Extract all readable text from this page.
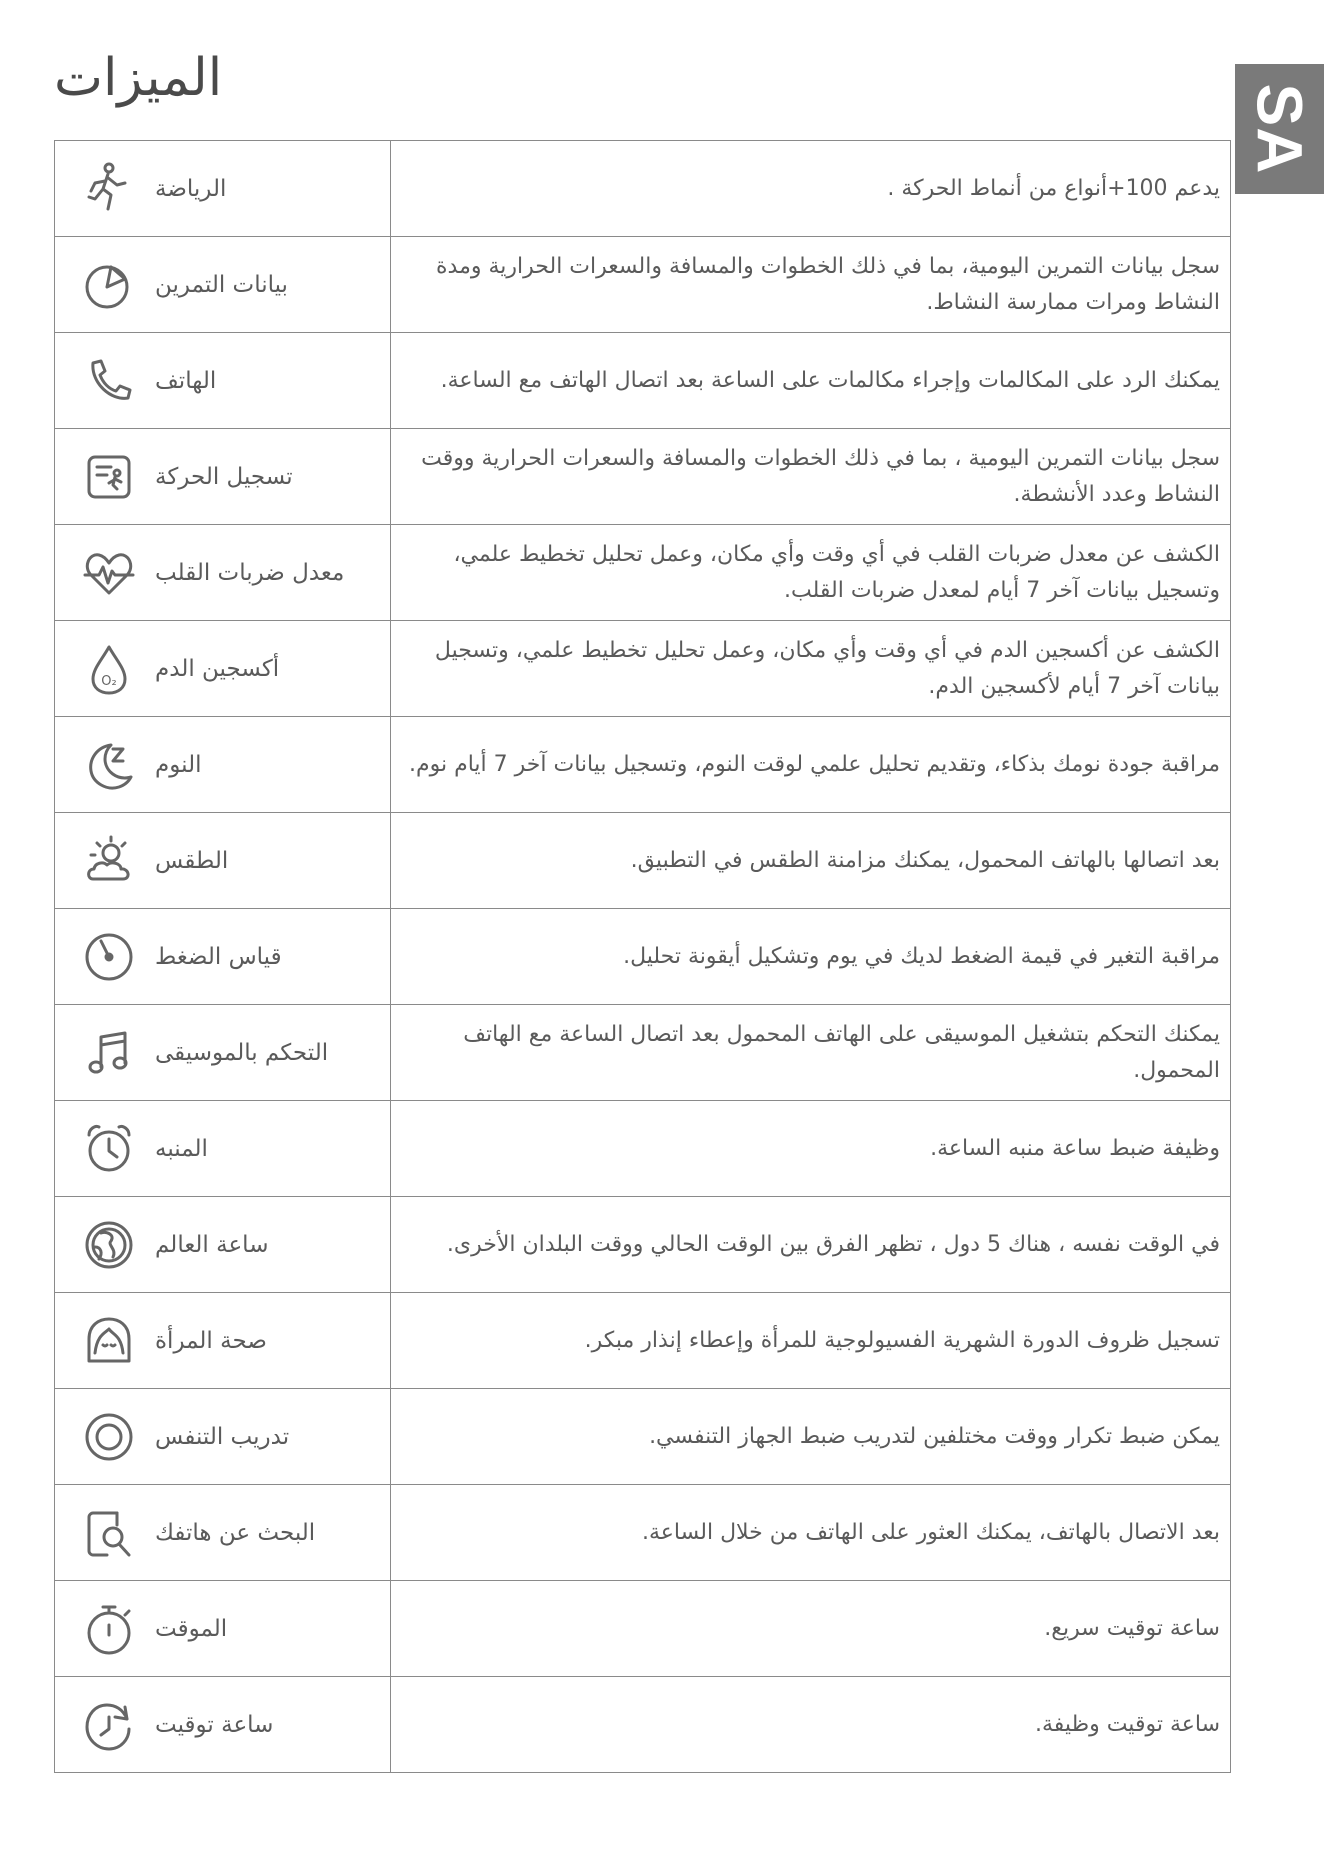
المیزات
SA
الرياضة	يدعم 100+أنواع من أنماط الحركة .

بيانات التمرين	سجل بيانات التمرين اليومية، بما في ذلك الخطوات والمسافة والسعرات الحرارية ومدة النشاط ومرات ممارسة النشاط.

الهاتف	يمكنك الرد على المكالمات وإجراء مكالمات على الساعة بعد اتصال الهاتف مع الساعة.

تسجيل الحركة	سجل بيانات التمرين اليومية ، بما في ذلك الخطوات والمسافة والسعرات الحرارية ووقت النشاط وعدد الأنشطة.

معدل ضربات القلب	الكشف عن معدل ضربات القلب في أي وقت وأي مكان، وعمل تحليل تخطيط علمي، وتسجيل بيانات آخر 7 أيام لمعدل ضربات القلب.

O₂ أكسجين الدم	الكشف عن أكسجين الدم في أي وقت وأي مكان، وعمل تحليل تخطيط علمي، وتسجيل بيانات آخر 7 أيام لأكسجين الدم.

النوم	مراقبة جودة نومك بذكاء، وتقديم تحليل علمي لوقت النوم، وتسجيل بيانات آخر 7 أيام نوم.

الطقس	بعد اتصالها بالهاتف المحمول، يمكنك مزامنة الطقس في التطبيق.

قياس الضغط	مراقبة التغير في قيمة الضغط لديك في يوم وتشكيل أيقونة تحليل.

التحكم بالموسيقى	يمكنك التحكم بتشغيل الموسيقى على الهاتف المحمول بعد اتصال الساعة مع الهاتف المحمول.

المنبه	وظيفة ضبط ساعة منبه الساعة.

ساعة العالم	في الوقت نفسه ، هناك 5 دول ، تظهر الفرق بين الوقت الحالي ووقت البلدان الأخرى.

صحة المرأة	تسجيل ظروف الدورة الشهرية الفسيولوجية للمرأة وإعطاء إنذار مبكر.

تدريب التنفس	يمكن ضبط تكرار ووقت مختلفين لتدريب ضبط الجهاز التنفسي.

البحث عن هاتفك	بعد الاتصال بالهاتف، يمكنك العثور على الهاتف من خلال الساعة.

الموقت	ساعة توقيت سريع.

ساعة توقيت	ساعة توقيت وظيفة.
